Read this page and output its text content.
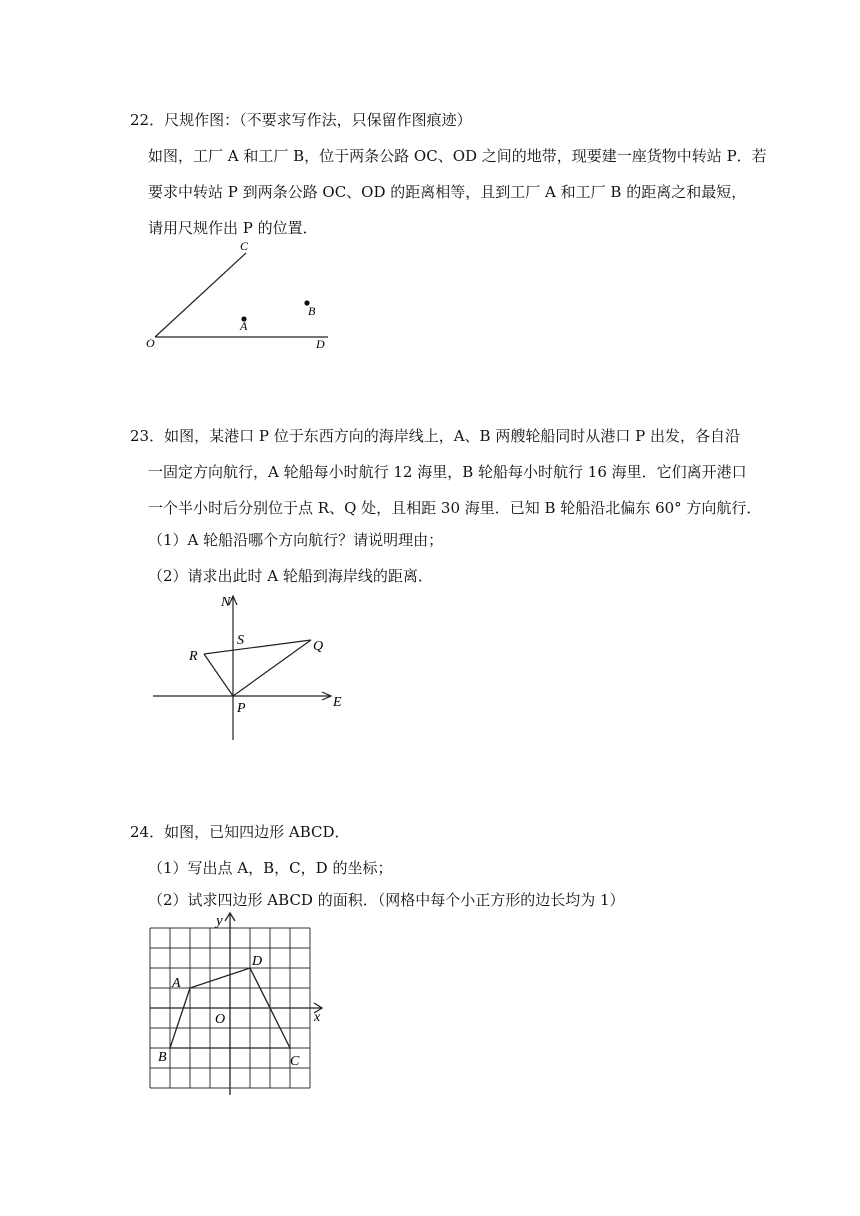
22．尺规作图：（不要求写作法，只保留作图痕迹）
如图，工厂 A 和工厂 B，位于两条公路 OC、OD 之间的地带，现要建一座货物中转站 P．若
要求中转站 P 到两条公路 OC、OD 的距离相等，且到工厂 A 和工厂 B 的距离之和最短，
请用尺规作出 P 的位置．
C
A
B
O	D
23．如图，某港口 P 位于东西方向的海岸线上，A、B 两艘轮船同时从港口 P 出发，各自沿
一固定方向航行，A 轮船每小时航行 12 海里，B 轮船每小时航行 16 海里．它们离开港口
一个半小时后分别位于点 R、Q 处，且相距 30 海里．已知 B 轮船沿北偏东 60° 方向航行．
（1）A 轮船沿哪个方向航行？请说明理由；
（2）请求出此时 A 轮船到海岸线的距离．
N
S	Q
R
P	E
24．如图，已知四边形 ABCD．
（1）写出点 A，B，C，D 的坐标；
（2）试求四边形 ABCD 的面积．（网格中每个小正方形的边长均为 1）
y
x
A
B	C
D
O
